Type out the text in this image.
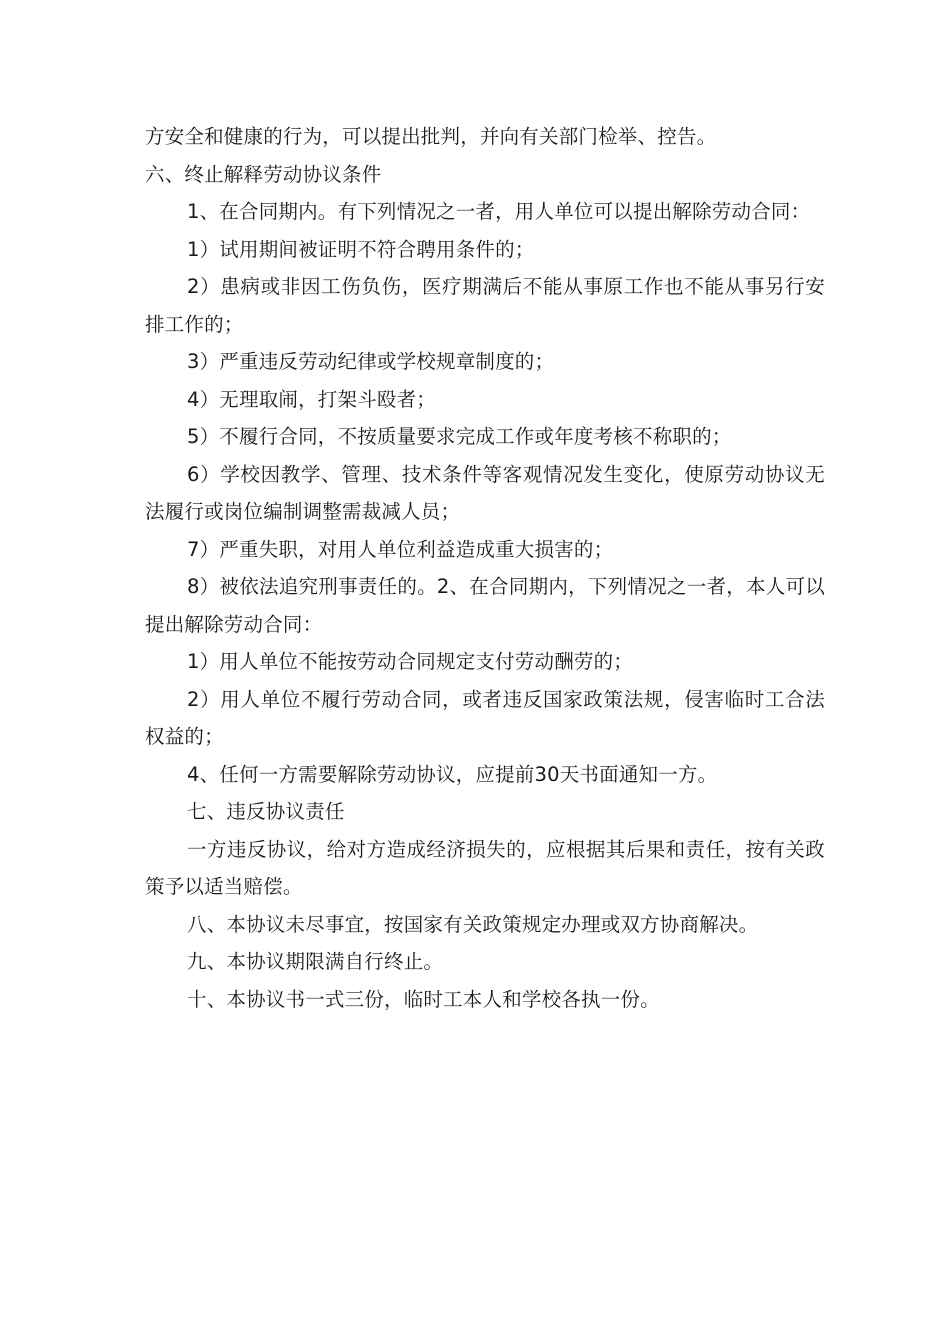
方安全和健康的行为，可以提出批判，并向有关部门检举、控告。

六、终止解释劳动协议条件

1、在合同期内。有下列情况之一者，用人单位可以提出解除劳动合同：

1）试用期间被证明不符合聘用条件的；

2）患病或非因工伤负伤，医疗期满后不能从事原工作也不能从事另行安排工作的；

3）严重违反劳动纪律或学校规章制度的；

4）无理取闹，打架斗殴者；

5）不履行合同，不按质量要求完成工作或年度考核不称职的；

6）学校因教学、管理、技术条件等客观情况发生变化，使原劳动协议无法履行或岗位编制调整需裁减人员；

7）严重失职，对用人单位利益造成重大损害的；

8）被依法追究刑事责任的。2、在合同期内，下列情况之一者，本人可以提出解除劳动合同：

1）用人单位不能按劳动合同规定支付劳动酬劳的；

2）用人单位不履行劳动合同，或者违反国家政策法规，侵害临时工合法权益的；

4、任何一方需要解除劳动协议，应提前30天书面通知一方。

七、违反协议责任

一方违反协议，给对方造成经济损失的，应根据其后果和责任，按有关政策予以适当赔偿。

八、本协议未尽事宜，按国家有关政策规定办理或双方协商解决。

九、本协议期限满自行终止。

十、本协议书一式三份，临时工本人和学校各执一份。
